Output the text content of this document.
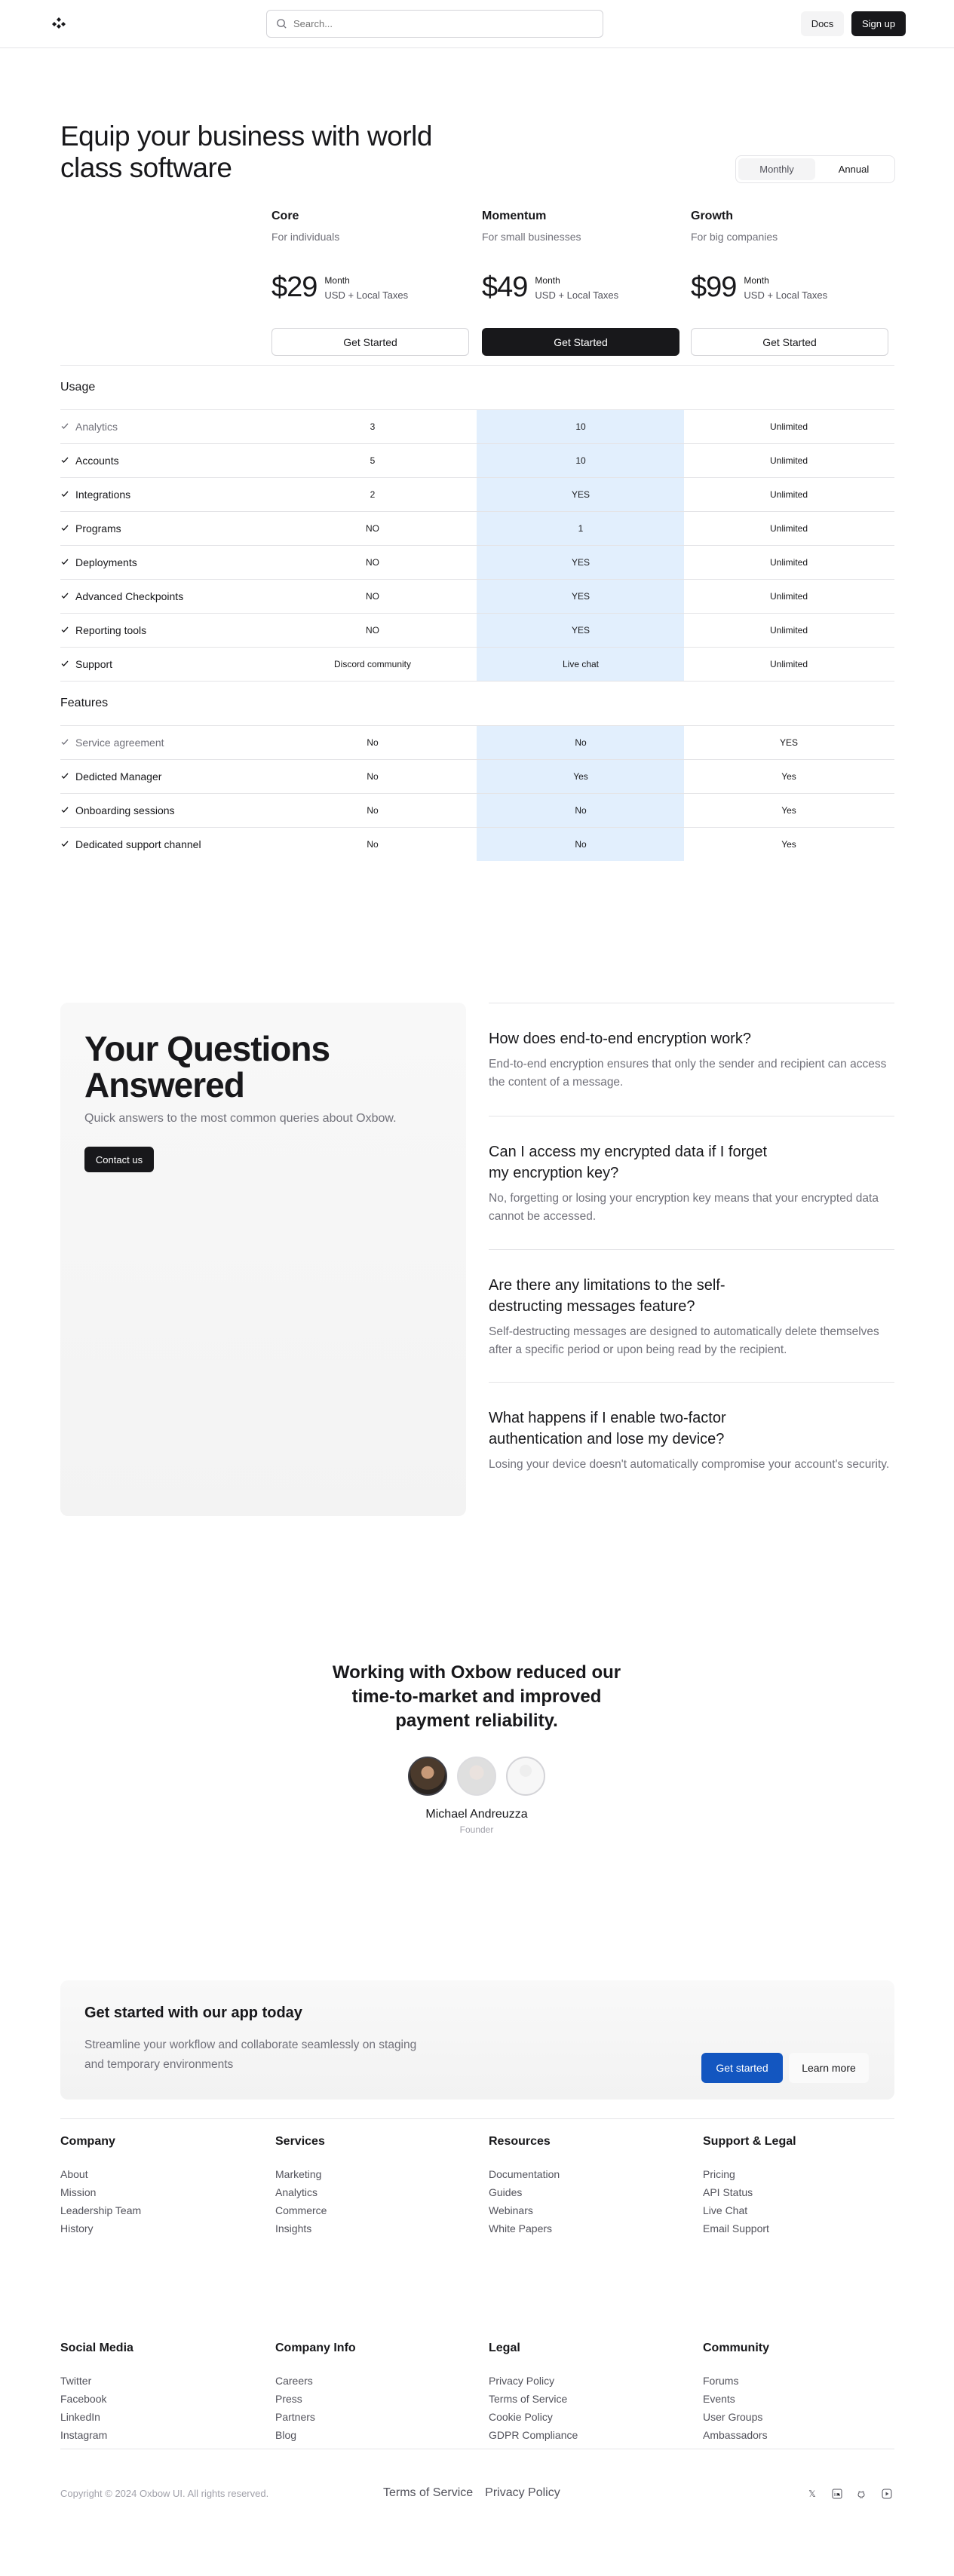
Search...
Docs	Sign up
Equip your business with world class software	Monthly	Annual
Core
For individuals
$29 Month
USD + Local Taxes
Get Started
Momentum
For small businesses
$49 Month
USD + Local Taxes
Get Started
Growth
For big companies
$99 Month
USD + Local Taxes
Get Started
Usage
Analytics	3	10	Unlimited
Accounts	5	10	Unlimited
Integrations	2	YES	Unlimited
Programs	NO	1	Unlimited
Deployments	NO	YES	Unlimited
Advanced Checkpoints	NO	YES	Unlimited
Reporting tools	NO	YES	Unlimited
Support	Discord community	Live chat	Unlimited
Features
Service agreement	No	No	YES
Dedicted Manager	No	Yes	Yes
Onboarding sessions	No	No	Yes
Dedicated support channel	No	No	Yes
Your Questions Answered

Quick answers to the most common queries about Oxbow.

Contact us
How does end-to-end encryption work?
End-to-end encryption ensures that only the sender and recipient can access the content of a message.
Can I access my encrypted data if I forget my encryption key?
No, forgetting or losing your encryption key means that your encrypted data cannot be accessed.
Are there any limitations to the self-destructing messages feature?
Self-destructing messages are designed to automatically delete themselves after a specific period or upon being read by the recipient.
What happens if I enable two-factor authentication and lose my device?
Losing your device doesn't automatically compromise your account's security.
Working with Oxbow reduced our time-to-market and improved payment reliability.
Michael Andreuzza
Founder
Get started with our app today

Streamline your workflow and collaborate seamlessly on staging and temporary environments	Get started	Learn more
Company
About
Mission
Leadership Team
History
Services
Marketing
Analytics
Commerce
Insights
Resources
Documentation
Guides
Webinars
White Papers
Support & Legal
Pricing
API Status
Live Chat
Email Support
Social Media
Twitter
Facebook
LinkedIn
Instagram
Company Info
Careers
Press
Partners
Blog
Legal
Privacy Policy
Terms of Service
Cookie Policy
GDPR Compliance
Community
Forums
Events
User Groups
Ambassadors
Copyright © 2024 Oxbow UI. All rights reserved.	Terms of Service Privacy Policy	𝕏
